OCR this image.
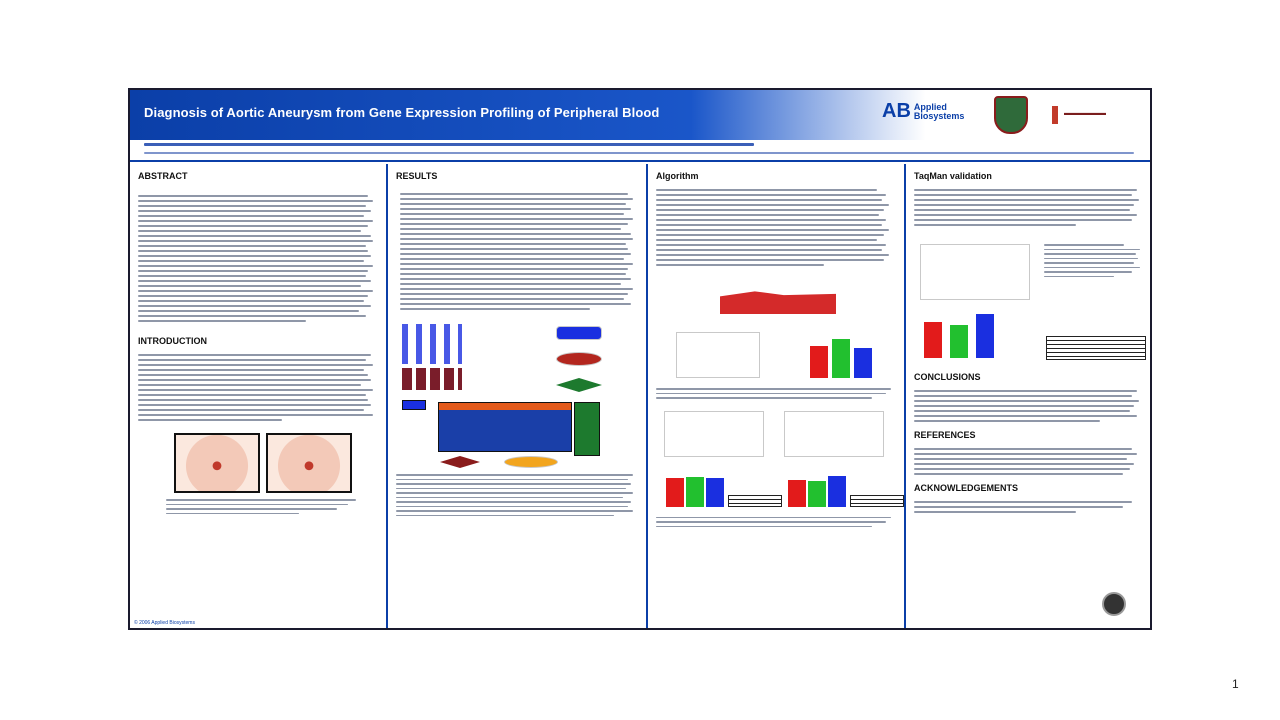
Diagnosis of Aortic Aneurysm from Gene Expression Profiling of Peripheral Blood	AB Applied
Biosystems	▬▬▬▬▬▬
ABSTRACT
INTRODUCTION
© 2006 Applied Biosystems
RESULTS	Algorithm	TaqMan validation
CONCLUSIONS
REFERENCES
ACKNOWLEDGEMENTS
1
